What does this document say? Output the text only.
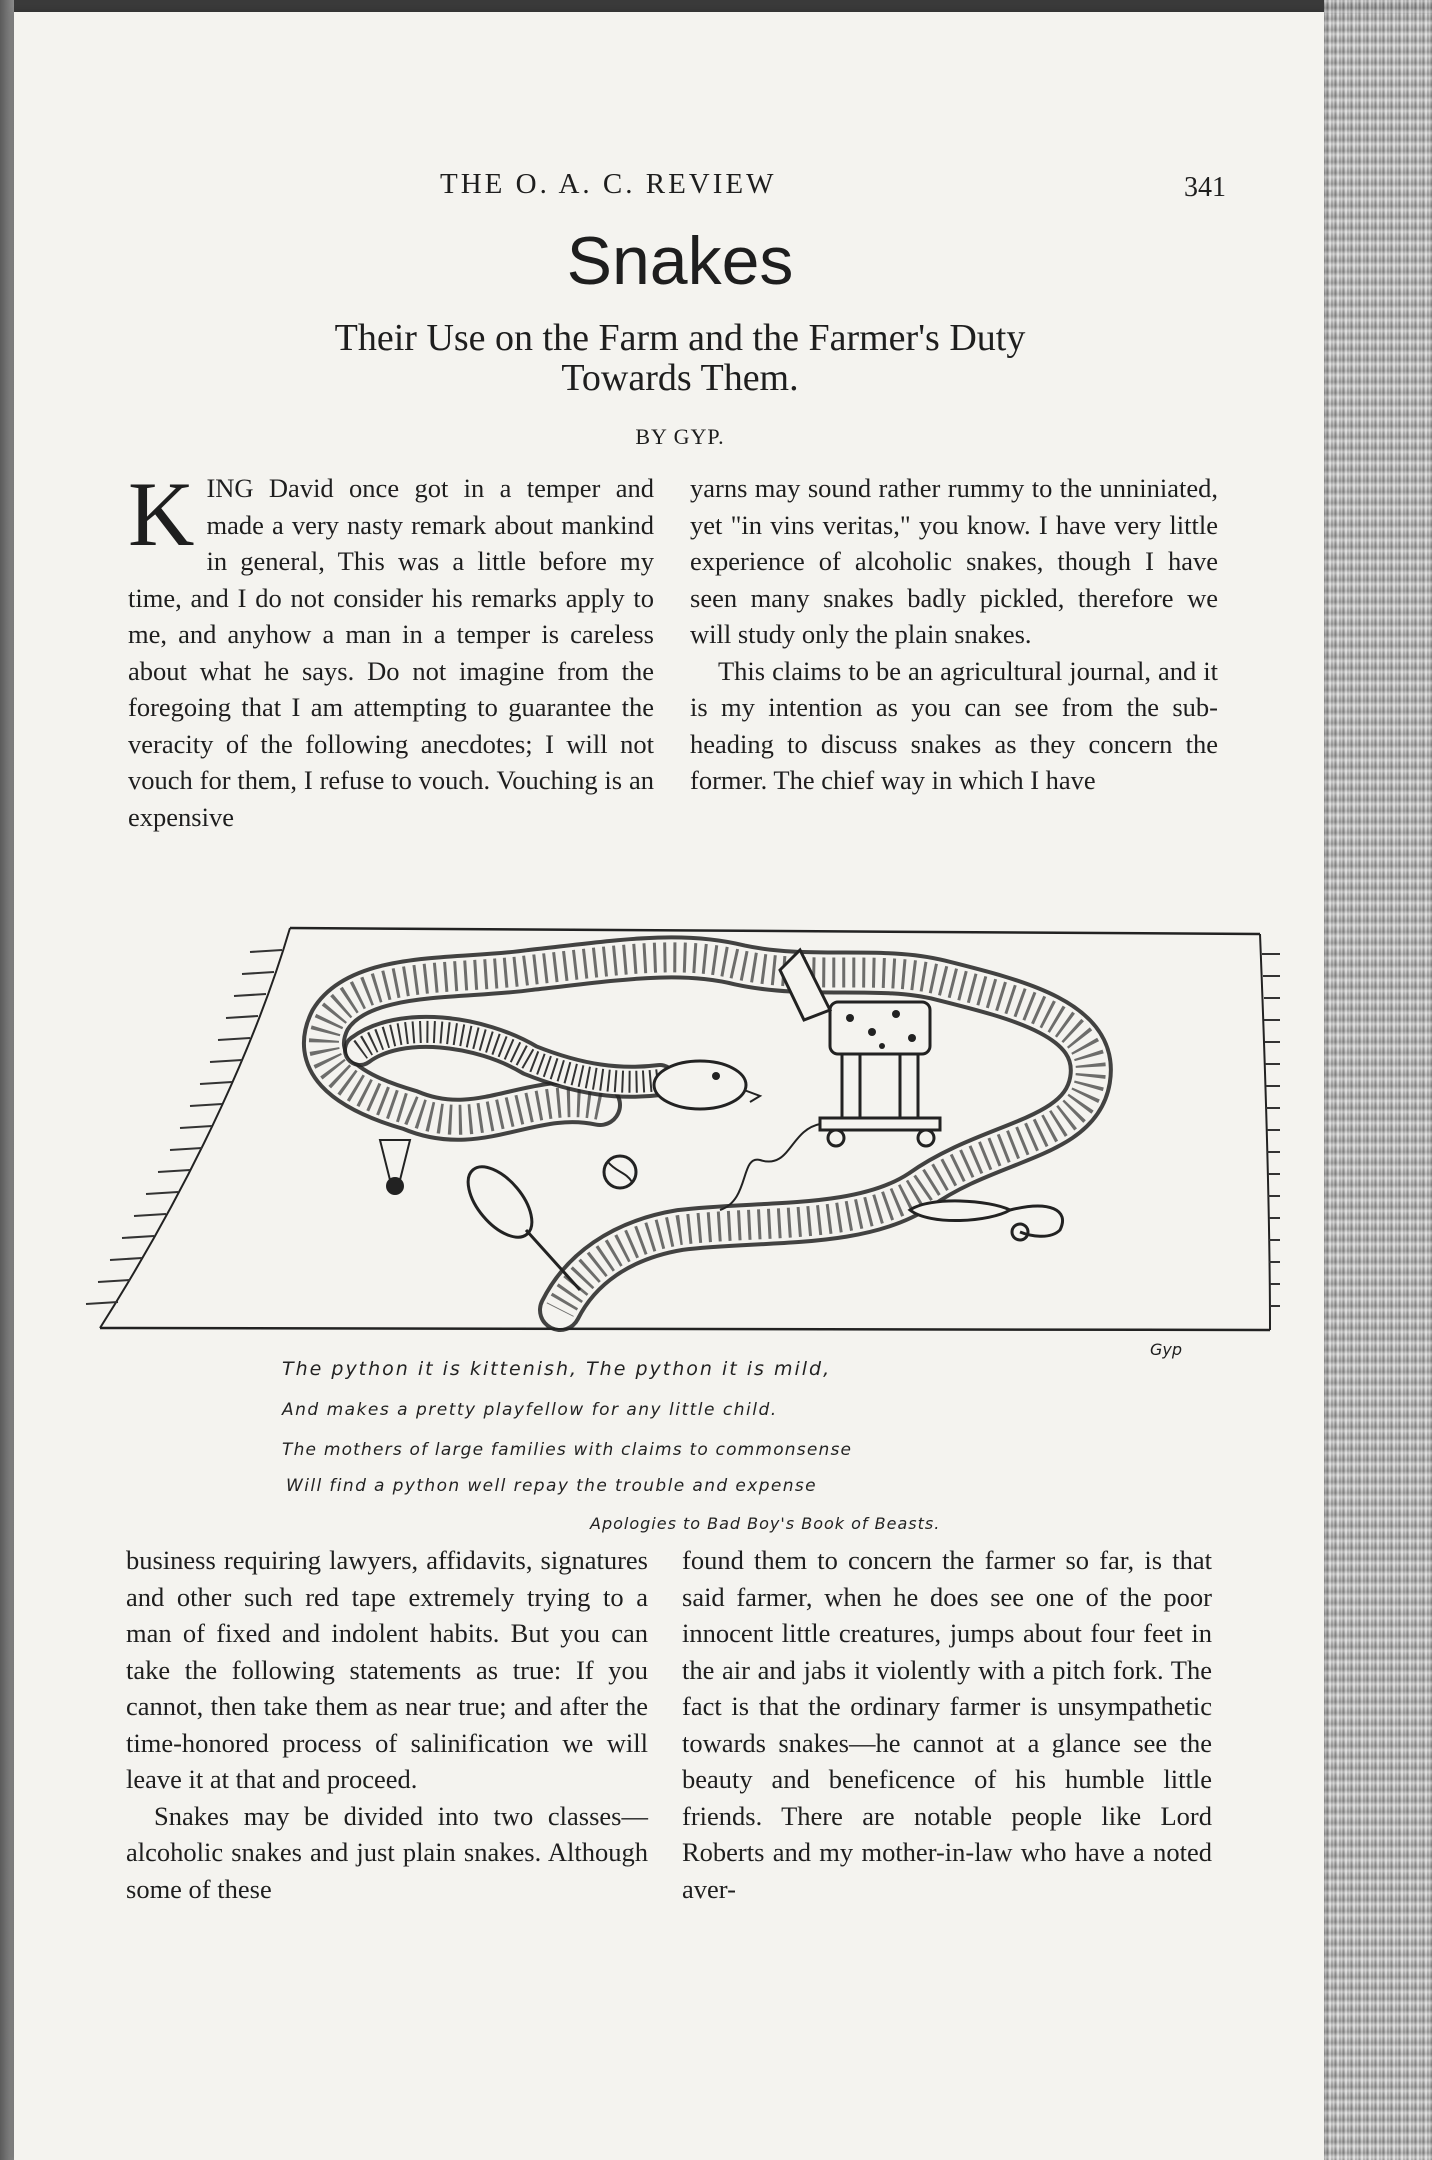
THE O. A. C. REVIEW	341
Snakes
Their Use on the Farm and the Farmer's Duty
Towards Them.
BY GYP.
K ING David once got in a temper and made a very nasty remark about mankind in general, This was a little before my time, and I do not consider his remarks apply to me, and anyhow a man in a temper is careless about what he says. Do not imagine from the foregoing that I am attempting to guarantee the veracity of the following anecdotes; I will not vouch for them, I refuse to vouch. Vouching is an expensive

yarns may sound rather rummy to the unniniated, yet "in vins veritas," you know. I have very little experience of alcoholic snakes, though I have seen many snakes badly pickled, therefore we will study only the plain snakes.

This claims to be an agricultural journal, and it is my intention as you can see from the sub-heading to discuss snakes as they concern the former. The chief way in which I have

Gyp
The python it is kittenish, The python it is mild,
And makes a pretty playfellow for any little child.
The mothers of large families with claims to commonsense
Will find a python well repay the trouble and expense
Apologies to Bad Boy's Book of Beasts.

business requiring lawyers, affidavits, signatures and other such red tape extremely trying to a man of fixed and indolent habits. But you can take the following statements as true: If you cannot, then take them as near true; and after the time-honored process of salinification we will leave it at that and proceed.

Snakes may be divided into two classes—alcoholic snakes and just plain snakes. Although some of these

found them to concern the farmer so far, is that said farmer, when he does see one of the poor innocent little creatures, jumps about four feet in the air and jabs it violently with a pitch fork. The fact is that the ordinary farmer is unsympathetic towards snakes—he cannot at a glance see the beauty and beneficence of his humble little friends. There are notable people like Lord Roberts and my mother-in-law who have a noted aver-
